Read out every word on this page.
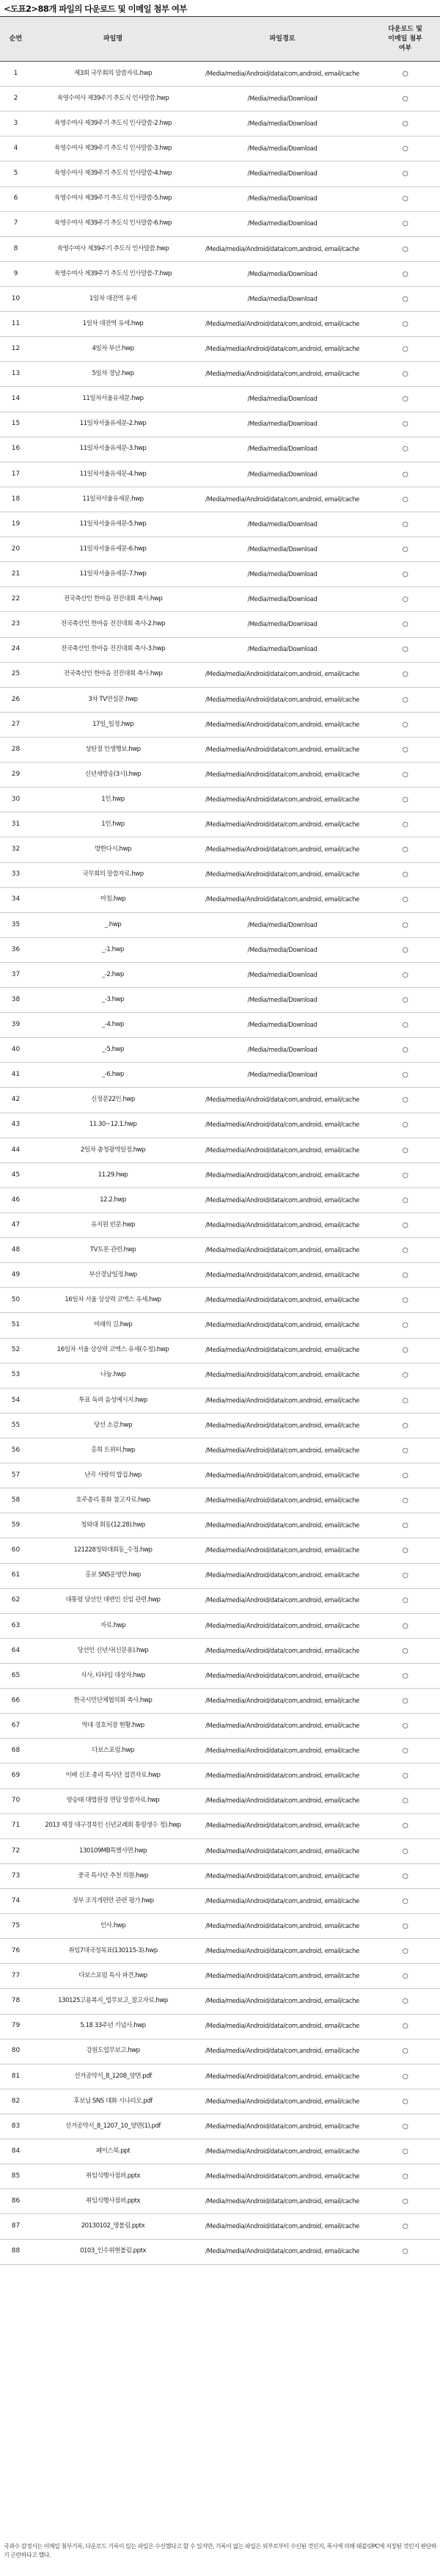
<도표2>88개 파일의 다운로드 및 이메일 첨부 여부
순번	파일명	파일경로
다운로드 및
이메일 첨부
여부
1	제3회 국무회의 말씀자료.hwp	/Media/media/Android/data/com,android, email/cache	○
2	육영수여사 제39주기 추도식 인사말씀.hwp	/Media/media/Download	○
3	육영수여사 제39주기 추도식 인사말씀-2.hwp	/Media/media/Download	○
4	육영수여사 제39주기 추도식 인사말씀-3.hwp	/Media/media/Download	○
5	육영수여사 제39주기 추도식 인사말씀-4.hwp	/Media/media/Download	○
6	육영수여사 제39주기 추도식 인사말씀-5.hwp	/Media/media/Download	○
7	육영수여사 제39주기 추도식 인사말씀-6.hwp	/Media/media/Download	○
8	육영수여사 제39주기 추도식 인사말씀.hwp	/Media/media/Android/data/com,android, email/cache	○
9	육영수여사 제39주기 추도식 인사말씀-7.hwp	/Media/media/Download	○
10	1일차 대전역 유세	/Media/media/Download	○
11	1일차 대전역 유세.hwp	/Media/media/Android/data/com,android, email/cache	○
12	4일차 부산.hwp	/Media/media/Android/data/com,android, email/cache	○
13	5일차 경남.hwp	/Media/media/Android/data/com,android, email/cache	○
14	11일차서울유세문.hwp	/Media/media/Download	○
15	11일차서울유세문-2.hwp	/Media/media/Download	○
16	11일차서울유세문-3.hwp	/Media/media/Download	○
17	11일차서울유세문-4.hwp	/Media/media/Download	○
18	11일차서울유세문.hwp	/Media/media/Android/data/com,android, email/cache	○
19	11일차서울유세문-5.hwp	/Media/media/Download	○
20	11일차서울유세문-6.hwp	/Media/media/Download	○
21	11일차서울유세문-7.hwp	/Media/media/Download	○
22	전국축산인 한마음 전진대회 축사.hwp	/Media/media/Download	○
23	전국축산인 한마음 전진대회 축사-2.hwp	/Media/media/Download	○
24	전국축산인 한마음 전진대회 축사-3.hwp	/Media/media/Download	○
25	전국축산인 한마음 전진대회 축사.hwp	/Media/media/Android/data/com,android, email/cache	○
26	3차 TV연설문.hwp	/Media/media/Android/data/com,android, email/cache	○
27	17일_일정.hwp	/Media/media/Android/data/com,android, email/cache	○
28	성탄절 인생행보.hwp	/Media/media/Android/data/com,android, email/cache	○
29	신년새방송(3시).hwp	/Media/media/Android/data/com,android, email/cache	○
30	1인.hwp	/Media/media/Android/data/com,android, email/cache	○
31	1인.hwp	/Media/media/Android/data/com,android, email/cache	○
32	방한다시.hwp	/Media/media/Android/data/com,android, email/cache	○
33	국무회의 말씀자료.hwp	/Media/media/Android/data/com,android, email/cache	○
34	마침.hwp	/Media/media/Android/data/com,android, email/cache	○
35	_.hwp	/Media/media/Download	○
36	_-1.hwp	/Media/media/Download	○
37	_-2.hwp	/Media/media/Download	○
38	_-3.hwp	/Media/media/Download	○
39	_-4.hwp	/Media/media/Download	○
40	_-5.hwp	/Media/media/Download	○
41	_-6.hwp	/Media/media/Download	○
42	신정문22인.hwp	/Media/media/Android/data/com,android, email/cache	○
43	11.30~12.1.hwp	/Media/media/Android/data/com,android, email/cache	○
44	2일차 충청광역일정.hwp	/Media/media/Android/data/com,android, email/cache	○
45	11.29.hwp	/Media/media/Android/data/com,android, email/cache	○
46	12.2.hwp	/Media/media/Android/data/com,android, email/cache	○
47	유치원 빈문.hwp	/Media/media/Android/data/com,android, email/cache	○
48	TV토론 관련.hwp	/Media/media/Android/data/com,android, email/cache	○
49	부산경남일정.hwp	/Media/media/Android/data/com,android, email/cache	○
50	16일차 서울 상상력 코멕스 유세.hwp	/Media/media/Android/data/com,android, email/cache	○
51	미래의 길.hwp	/Media/media/Android/data/com,android, email/cache	○
52	16일차 서울 상상력 코멕스 유세(수정).hwp	/Media/media/Android/data/com,android, email/cache	○
53	나눔.hwp	/Media/media/Android/data/com,android, email/cache	○
54	투표 독려 음성메시지.hwp	/Media/media/Android/data/com,android, email/cache	○
55	당선 소감.hwp	/Media/media/Android/data/com,android, email/cache	○
56	홍희 트위터.hwp	/Media/media/Android/data/com,android, email/cache	○
57	난곡 사랑의 밥집.hwp	/Media/media/Android/data/com,android, email/cache	○
58	호주총리 통화 참고자료.hwp	/Media/media/Android/data/com,android, email/cache	○
59	청와대 회동(12.28).hwp	/Media/media/Android/data/com,android, email/cache	○
60	121228청와대회동_수정.hwp	/Media/media/Android/data/com,android, email/cache	○
61	홍보 SNS운영안.hwp	/Media/media/Android/data/com,android, email/cache	○
62	대통령 당선인 대변인 선임 관련.hwp	/Media/media/Android/data/com,android, email/cache	○
63	자료.hwp	/Media/media/Android/data/com,android, email/cache	○
64	당선인 신년사(신문용).hwp	/Media/media/Android/data/com,android, email/cache	○
65	식사, 티타임 대상자.hwp	/Media/media/Android/data/com,android, email/cache	○
66	한국시민단체협의회 축사.hwp	/Media/media/Android/data/com,android, email/cache	○
67	역대 경호처장 현황.hwp	/Media/media/Android/data/com,android, email/cache	○
68	다보스포럼.hwp	/Media/media/Android/data/com,android, email/cache	○
69	이베 신조 총리 특사단 접견자료.hwp	/Media/media/Android/data/com,android, email/cache	○
70	양승태 대법원장 면담 말씀자료.hwp	/Media/media/Android/data/com,android, email/cache	○
71	2013 제경 대구경북인 신년교례회 통령생수 정).hwp	/Media/media/Android/data/com,android, email/cache	○
72	130109MB특별사면.hwp	/Media/media/Android/data/com,android, email/cache	○
73	중국 특사단 추천 의원.hwp	/Media/media/Android/data/com,android, email/cache	○
74	정부 조직개편안 관련 평가.hwp	/Media/media/Android/data/com,android, email/cache	○
75	인사.hwp	/Media/media/Android/data/com,android, email/cache	○
76	취임7대국정목표(130115-3).hwp	/Media/media/Android/data/com,android, email/cache	○
77	다보스포럼 특사 파견.hwp	/Media/media/Android/data/com,android, email/cache	○
78	130125고용복지_업무보고_참고자료.hwp	/Media/media/Android/data/com,android, email/cache	○
79	5.18 33주년 기념사.hwp	/Media/media/Android/data/com,android, email/cache	○
80	강원도업무보고.hwp	/Media/media/Android/data/com,android, email/cache	○
81	선거공약서_8_1208_양면.pdf	/Media/media/Android/data/com,android, email/cache	○
82	후보님 SNS 대화 시나리오.pdf	/Media/media/Android/data/com,android, email/cache	○
83	선거공약서_8_1207_10_양면(1).pdf	/Media/media/Android/data/com,android, email/cache	○
84	페이스북.ppt	/Media/media/Android/data/com,android, email/cache	○
85	취임식행사점퍼.pptx	/Media/media/Android/data/com,android, email/cache	○
86	취임식행사점퍼.pptx	/Media/media/Android/data/com,android, email/cache	○
87	20130102_명볼림.pptx	/Media/media/Android/data/com,android, email/cache	○
88	0103_인수위현볼림.pptx	/Media/media/Android/data/com,android, email/cache	○
국과수 감정서는 이메일 첨부기록, 다운로드 기록이 있는 파일은 수신했다고 할 수 있지만, 기록이 없는 파일은 외부로부터 수신된 것인지, 폭시에 의해 태블릿PC에 저장된 것인지 판단하기 곤란하다고 했다.
